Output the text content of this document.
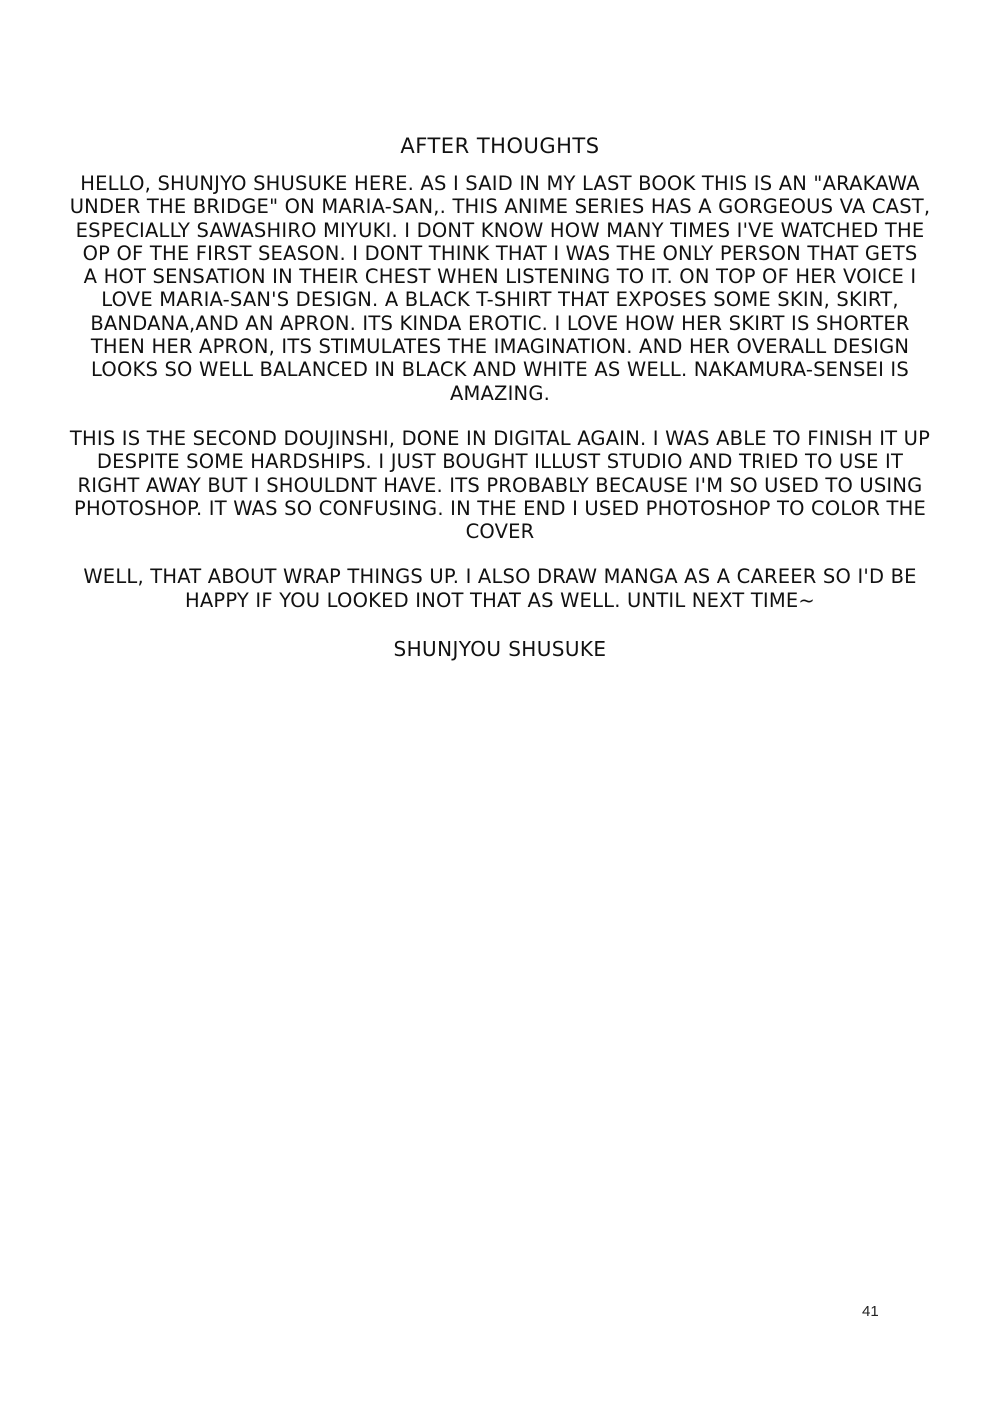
AFTER THOUGHTS

HELLO, SHUNJYO SHUSUKE HERE. AS I SAID IN MY LAST BOOK THIS IS AN "ARAKAWA

UNDER THE BRIDGE" ON MARIA-SAN,. THIS ANIME SERIES HAS A GORGEOUS VA CAST,

ESPECIALLY SAWASHIRO MIYUKI. I DONT KNOW HOW MANY TIMES I'VE WATCHED THE

OP OF THE FIRST SEASON. I DONT THINK THAT I WAS THE ONLY PERSON THAT GETS

A HOT SENSATION IN THEIR CHEST WHEN LISTENING TO IT. ON TOP OF HER VOICE I

LOVE MARIA-SAN'S DESIGN. A BLACK T-SHIRT THAT EXPOSES SOME SKIN, SKIRT,

BANDANA,AND AN APRON. ITS KINDA EROTIC. I LOVE HOW HER SKIRT IS SHORTER

THEN HER APRON, ITS STIMULATES THE IMAGINATION. AND HER OVERALL DESIGN

LOOKS SO WELL BALANCED IN BLACK AND WHITE AS WELL. NAKAMURA-SENSEI IS

AMAZING.

THIS IS THE SECOND DOUJINSHI, DONE IN DIGITAL AGAIN. I WAS ABLE TO FINISH IT UP

DESPITE SOME HARDSHIPS. I JUST BOUGHT ILLUST STUDIO AND TRIED TO USE IT

RIGHT AWAY BUT I SHOULDNT HAVE. ITS PROBABLY BECAUSE I'M SO USED TO USING

PHOTOSHOP. IT WAS SO CONFUSING. IN THE END I USED PHOTOSHOP TO COLOR THE

COVER

WELL, THAT ABOUT WRAP THINGS UP. I ALSO DRAW MANGA AS A CAREER SO I'D BE

HAPPY IF YOU LOOKED INOT THAT AS WELL. UNTIL NEXT TIME~

SHUNJYOU SHUSUKE

41
